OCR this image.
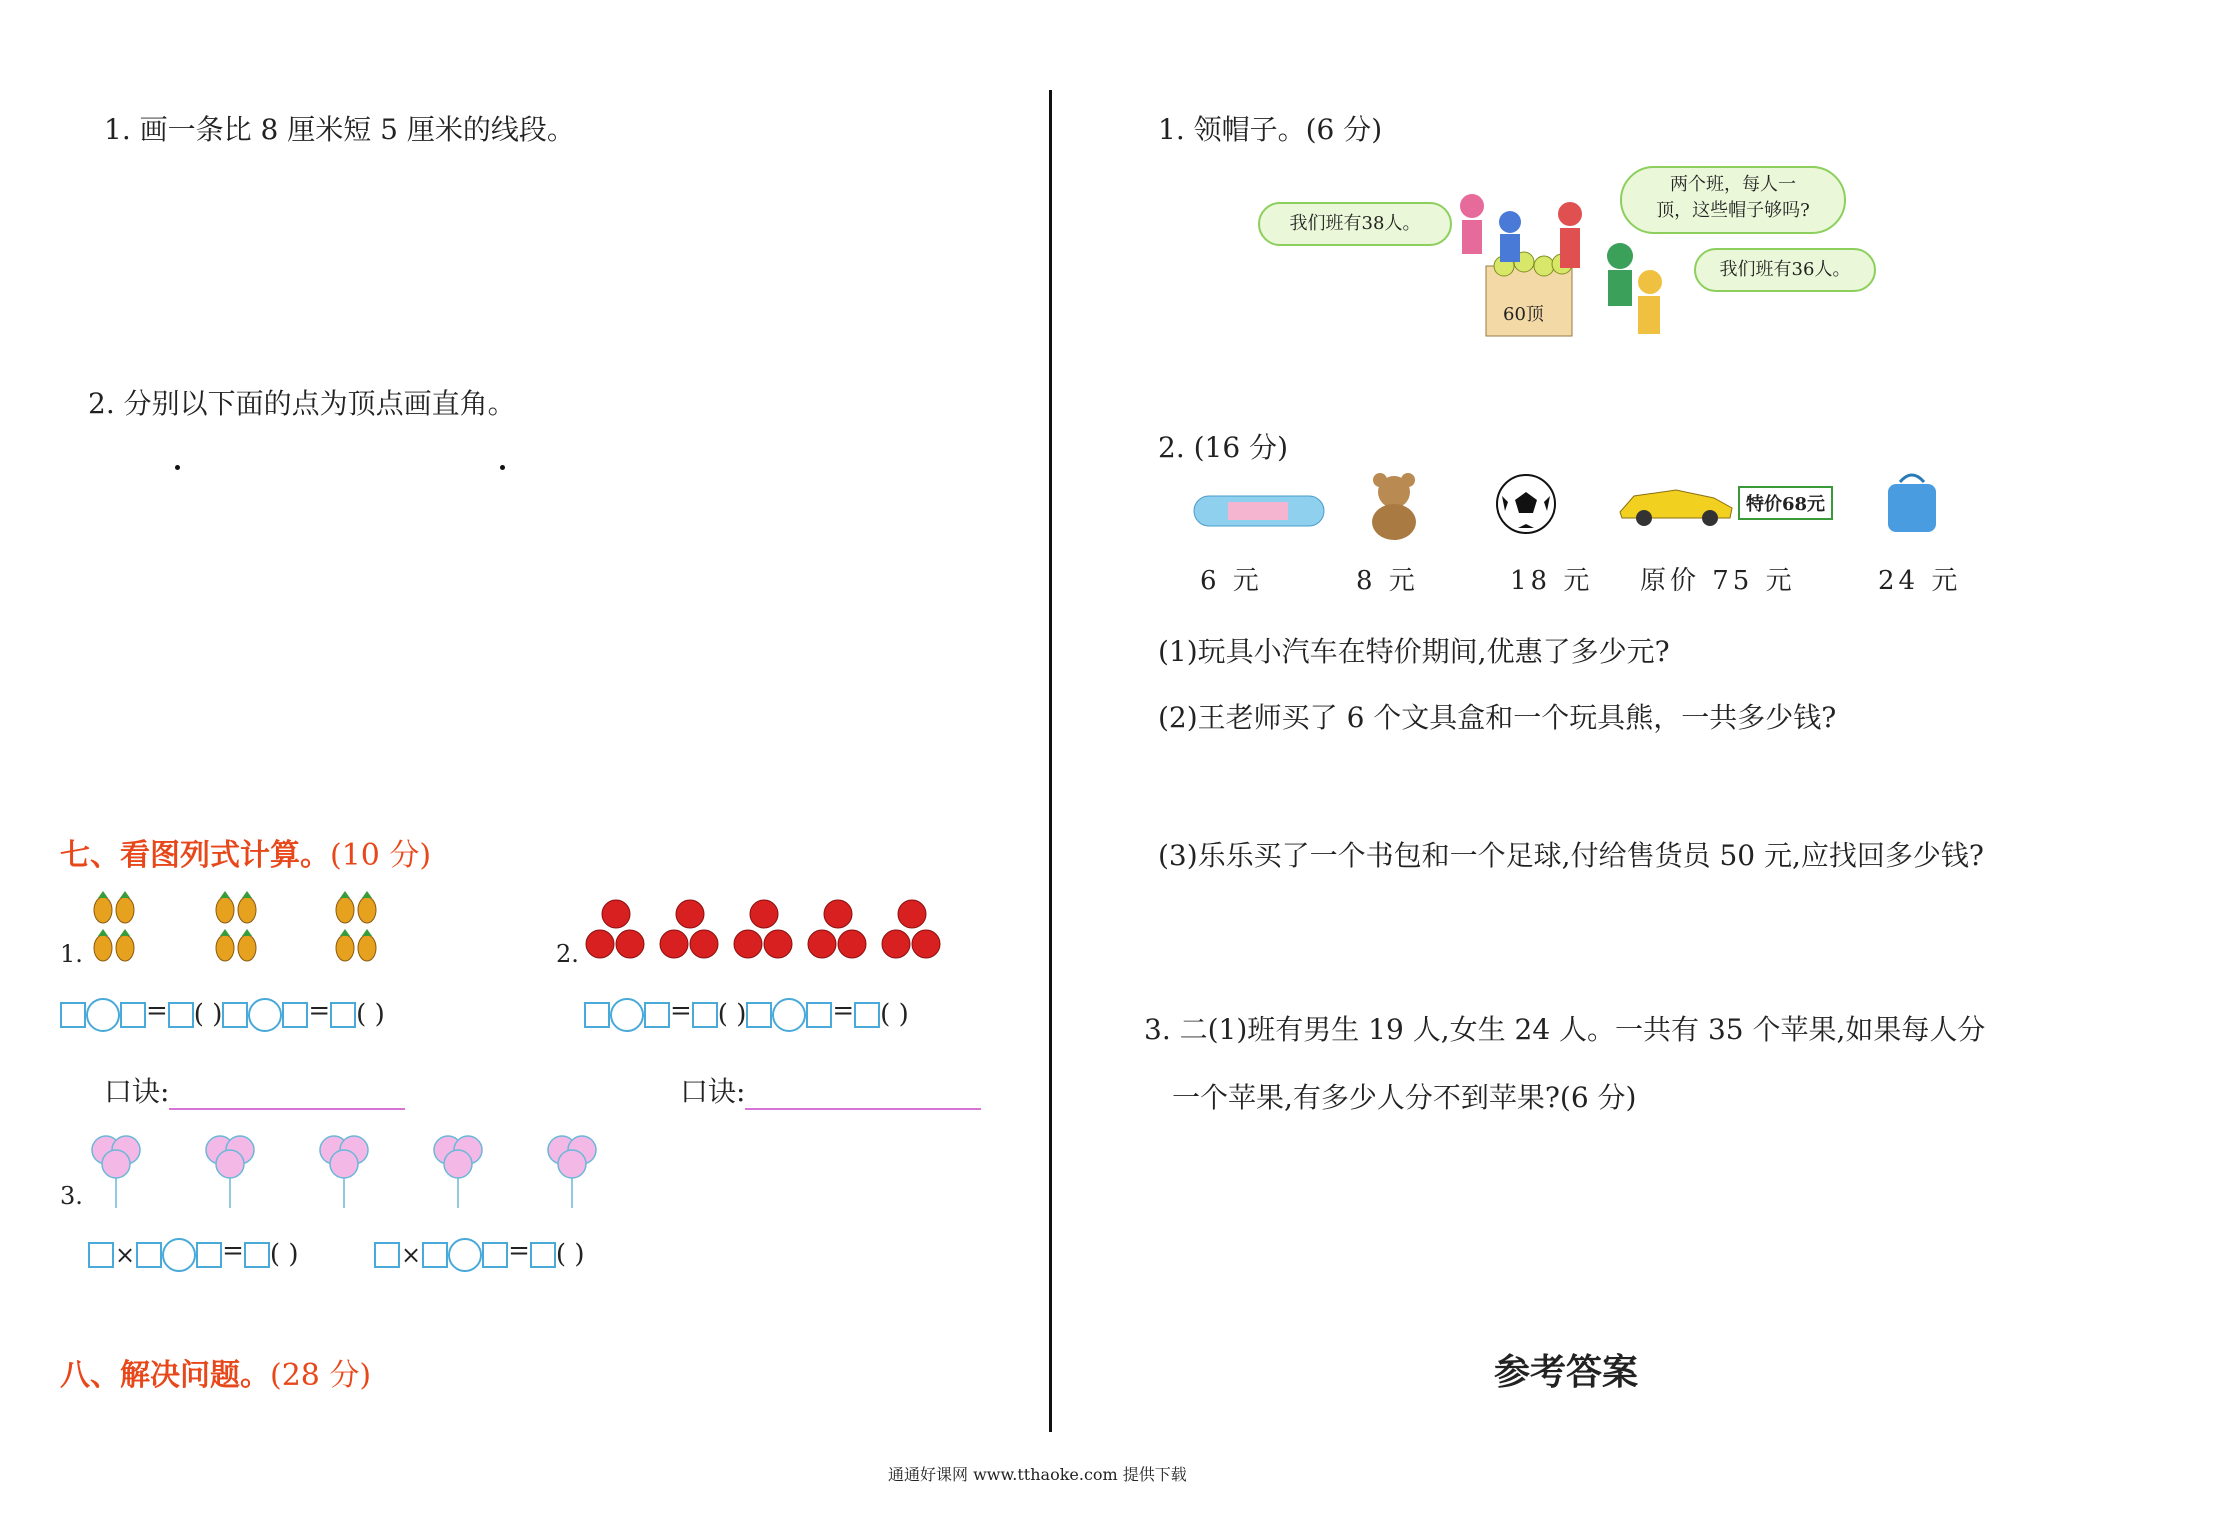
1. 画一条比 8 厘米短 5 厘米的线段。
2. 分别以下面的点为顶点画直角。
七、看图列式计算。(10 分)
1.	2.
= ( )	= ( )	= ( )	= ( )
口诀:	口诀:
3.
×	= ( )	×	= ( )
八、解决问题。(28 分)
1. 领帽子。(6 分)
我们班有38人。
两个班，每人一
顶，这些帽子够吗?
我们班有36人。
60顶
2. (16 分)
特价68元
6 元	8 元	18 元 原价 75 元	24 元
(1)玩具小汽车在特价期间,优惠了多少元?
(2)王老师买了 6 个文具盒和一个玩具熊，一共多少钱?
(3)乐乐买了一个书包和一个足球,付给售货员 50 元,应找回多少钱?
3. 二(1)班有男生 19 人,女生 24 人。一共有 35 个苹果,如果每人分
一个苹果,有多少人分不到苹果?(6 分)
参考答案
通通好课网 www.tthaoke.com 提供下载
